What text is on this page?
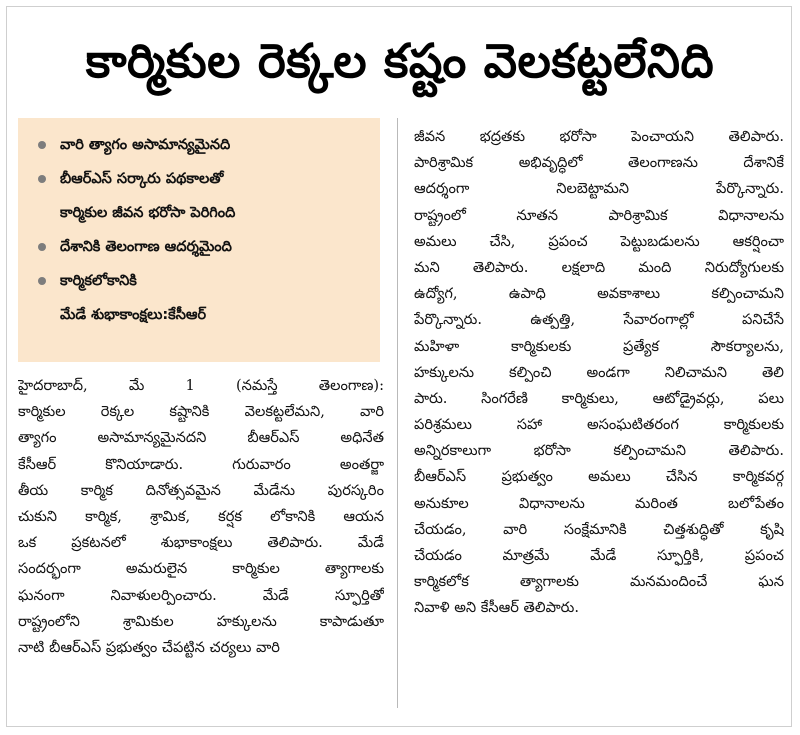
కార్మికుల రెక్కల కష్టం వెలకట్టలేనిది
వారి త్యాగం అసామాన్యమైనది
బీఆర్‌ఎస్ సర్కారు పథకాలతో
కార్మికుల జీవన భరోసా పెరిగింది
దేశానికి తెలంగాణ ఆదర్శమైంది
కార్మికలోకానికి
మేడే శుభాకాంక్షలు:కేసీఆర్
హైదరాబాద్, మే 1 (నమస్తే తెలంగాణ):
కార్మికుల రెక్కల కష్టానికి వెలకట్టలేమని, వారి
త్యాగం అసామాన్యమైనదని బీఆర్‌ఎస్ అధినేత
కేసీఆర్ కొనియాడారు. గురువారం అంతర్జా
తీయ కార్మిక దినోత్సవమైన మేడేను పురస్కరిం
చుకుని కార్మిక, శ్రామిక, కర్షక లోకానికి ఆయన
ఒక ప్రకటనలో శుభాకాంక్షలు తెలిపారు. మేడే
సందర్భంగా అమరులైన కార్మికుల త్యాగాలకు
ఘనంగా నివాళులర్పించారు. మేడే స్ఫూర్తితో
రాష్ట్రంలోని శ్రామికుల హక్కులను కాపాడుతూ
నాటి బీఆర్‌ఎస్ ప్రభుత్వం చేపట్టిన చర్యలు వారి
జీవన భద్రతకు భరోసా పెంచాయని తెలిపారు.
పారిశ్రామిక అభివృద్ధిలో తెలంగాణను దేశానికే
ఆదర్శంగా నిలబెట్టామని పేర్కొన్నారు.
రాష్ట్రంలో నూతన పారిశ్రామిక విధానాలను
అమలు చేసి, ప్రపంచ పెట్టుబడులను ఆకర్షించా
మని తెలిపారు. లక్షలాది మంది నిరుద్యోగులకు
ఉద్యోగ, ఉపాధి అవకాశాలు కల్పించామని
పేర్కొన్నారు. ఉత్పత్తి, సేవారంగాల్లో పనిచేసే
మహిళా కార్మికులకు ప్రత్యేక సౌకర్యాలను,
హక్కులను కల్పించి అండగా నిలిచామని తెలి
పారు. సింగరేణి కార్మికులు, ఆటోడ్రైవర్లు, పలు
పరిశ్రమలు సహా అసంఘటితరంగ కార్మికులకు
అన్నిరకాలుగా భరోసా కల్పించామని తెలిపారు.
బీఆర్‌ఎస్ ప్రభుత్వం అమలు చేసిన కార్మికవర్గ
అనుకూల విధానాలను మరింత బలోపేతం
చేయడం, వారి సంక్షేమానికి చిత్తశుద్ధితో కృషి
చేయడం మాత్రమే మేడే స్ఫూర్తికి, ప్రపంచ
కార్మికలోక త్యాగాలకు మనమందించే ఘన
నివాళి అని కేసీఆర్ తెలిపారు.
